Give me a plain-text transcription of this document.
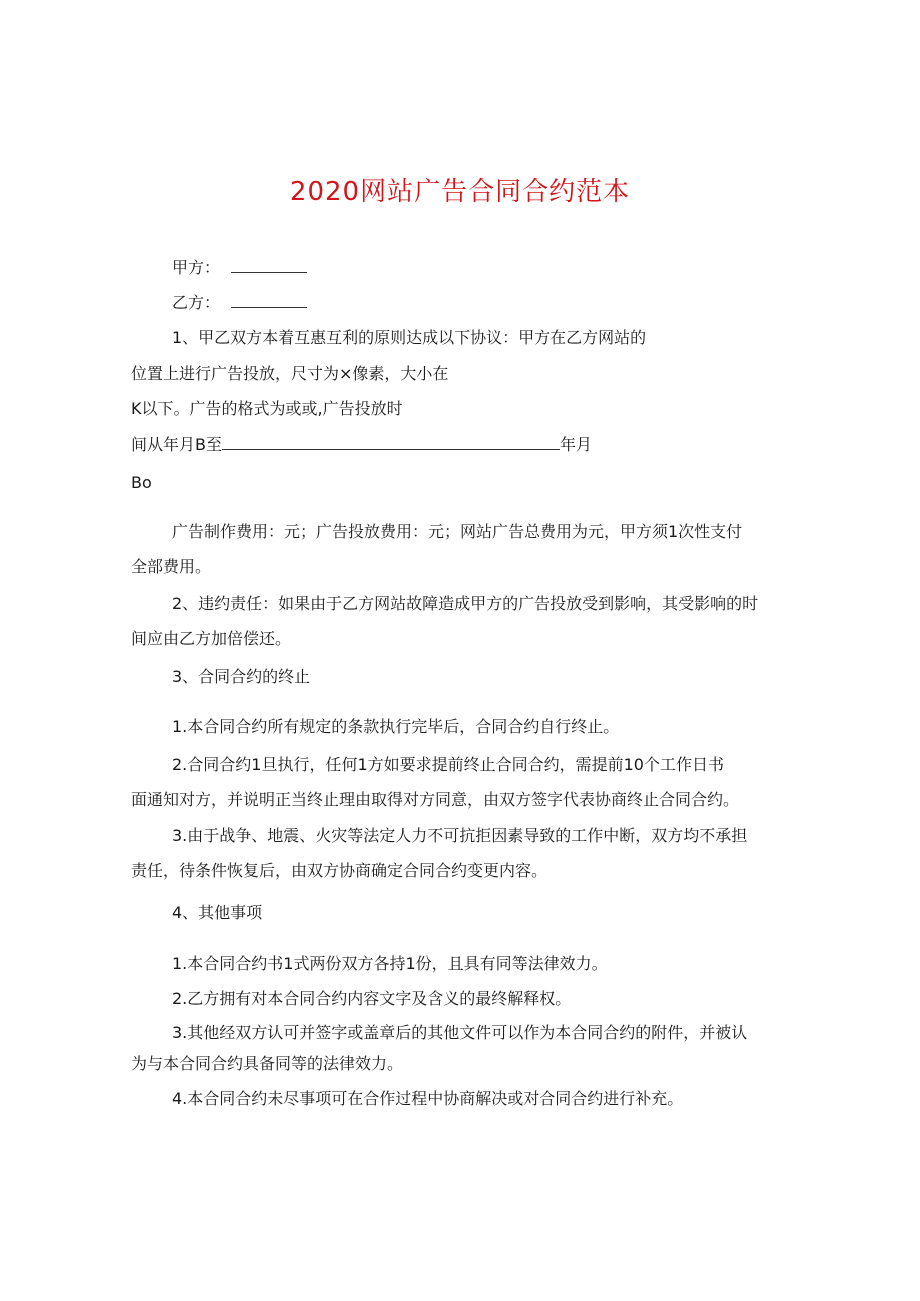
2020网站广告合同合约范本
甲方：
乙方：
1、甲乙双方本着互惠互利的原则达成以下协议：甲方在乙方网站的
位置上进行广告投放，尺寸为×像素，大小在
K以下。广告的格式为或或,广告投放时
间从年月B至	年月
Bo
广告制作费用：元；广告投放费用：元；网站广告总费用为元，甲方须1次性支付
全部费用。
2、违约责任：如果由于乙方网站故障造成甲方的广告投放受到影响，其受影响的时
间应由乙方加倍偿还。
3、合同合约的终止
1.本合同合约所有规定的条款执行完毕后，合同合约自行终止。
2.合同合约1旦执行，任何1方如要求提前终止合同合约，需提前10个工作日书
面通知对方，并说明正当终止理由取得对方同意，由双方签字代表协商终止合同合约。
3.由于战争、地震、火灾等法定人力不可抗拒因素导致的工作中断，双方均不承担
责任，待条件恢复后，由双方协商确定合同合约变更内容。
4、其他事项
1.本合同合约书1式两份双方各持1份，且具有同等法律效力。
2.乙方拥有对本合同合约内容文字及含义的最终解释权。
3.其他经双方认可并签字或盖章后的其他文件可以作为本合同合约的附件，并被认
为与本合同合约具备同等的法律效力。
4.本合同合约未尽事项可在合作过程中协商解决或对合同合约进行补充。
